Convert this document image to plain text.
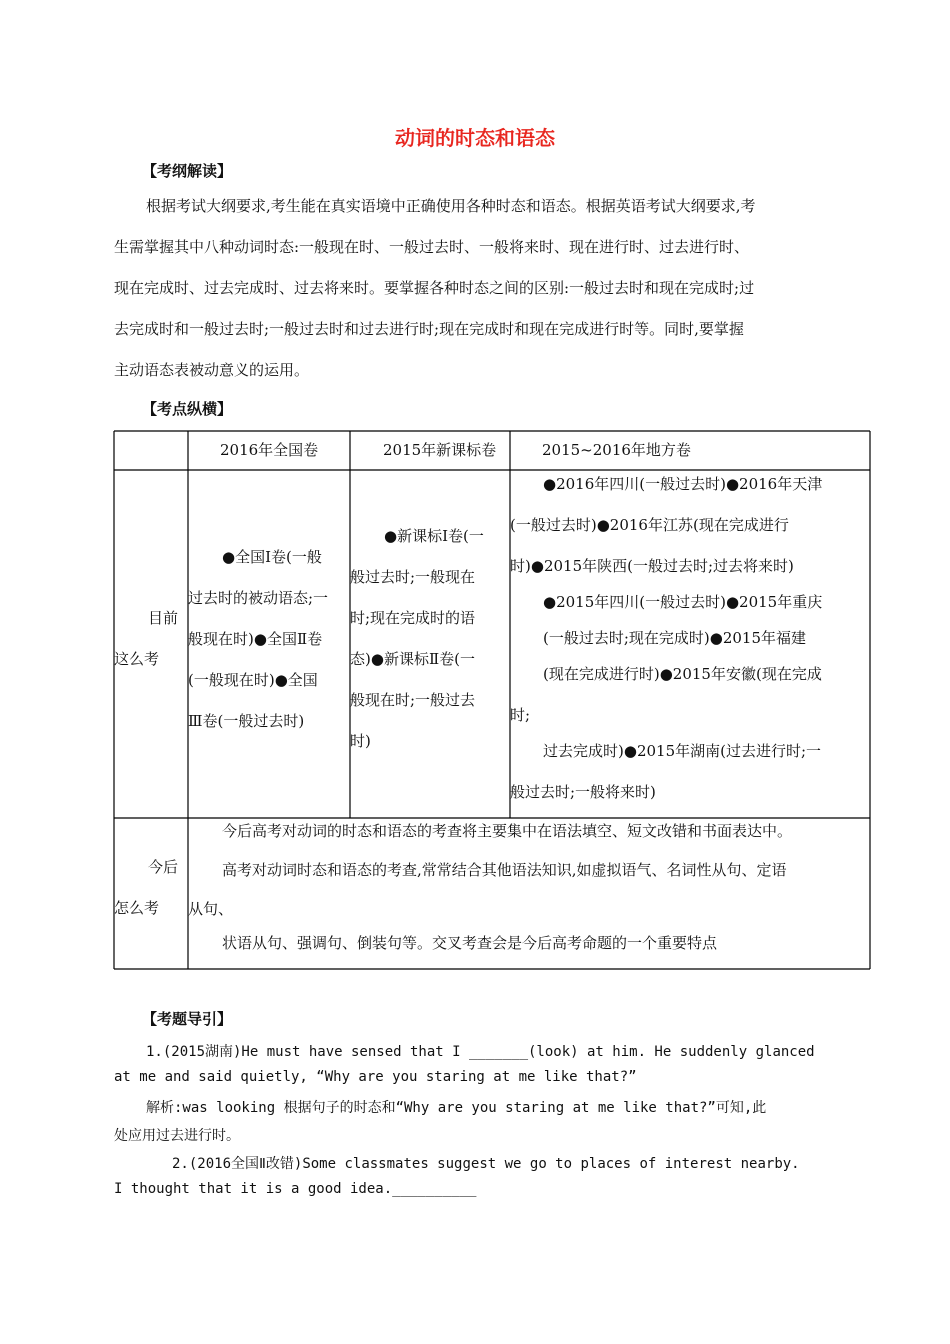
动词的时态和语态
【考纲解读】
根据考试大纲要求,考生能在真实语境中正确使用各种时态和语态。根据英语考试大纲要求,考
生需掌握其中八种动词时态:一般现在时、一般过去时、一般将来时、现在进行时、过去进行时、
现在完成时、过去完成时、过去将来时。要掌握各种时态之间的区别:一般过去时和现在完成时;过
去完成时和一般过去时;一般过去时和过去进行时;现在完成时和现在完成进行时等。同时,要掌握
主动语态表被动意义的运用。
【考点纵横】
2016年全国卷	2015年新课标卷	2015~2016年地方卷
目前
这么考
●全国Ⅰ卷(一般
过去时的被动语态;一
般现在时)●全国Ⅱ卷
(一般现在时)●全国
Ⅲ卷(一般过去时)
●新课标Ⅰ卷(一
般过去时;一般现在
时;现在完成时的语
态)●新课标Ⅱ卷(一
般现在时;一般过去
时)
●2016年四川(一般过去时)●2016年天津
(一般过去时)●2016年江苏(现在完成进行
时)●2015年陕西(一般过去时;过去将来时)
●2015年四川(一般过去时)●2015年重庆
(一般过去时;现在完成时)●2015年福建
(现在完成进行时)●2015年安徽(现在完成
时;
过去完成时)●2015年湖南(过去进行时;一
般过去时;一般将来时)
今后
怎么考
今后高考对动词的时态和语态的考查将主要集中在语法填空、短文改错和书面表达中。
高考对动词时态和语态的考查,常常结合其他语法知识,如虚拟语气、名词性从句、定语
从句、
状语从句、强调句、倒装句等。交叉考查会是今后高考命题的一个重要特点
【考题导引】
1.(2015湖南)He must have sensed that I _______(look) at him. He suddenly glanced
at me and said quietly, “Why are you staring at me like that?”
解析:was looking 根据句子的时态和“Why are you staring at me like that?”可知,此
处应用过去进行时。
2.(2016全国Ⅱ改错)Some classmates suggest we go to places of interest nearby.
I thought that it is a good idea.__________
